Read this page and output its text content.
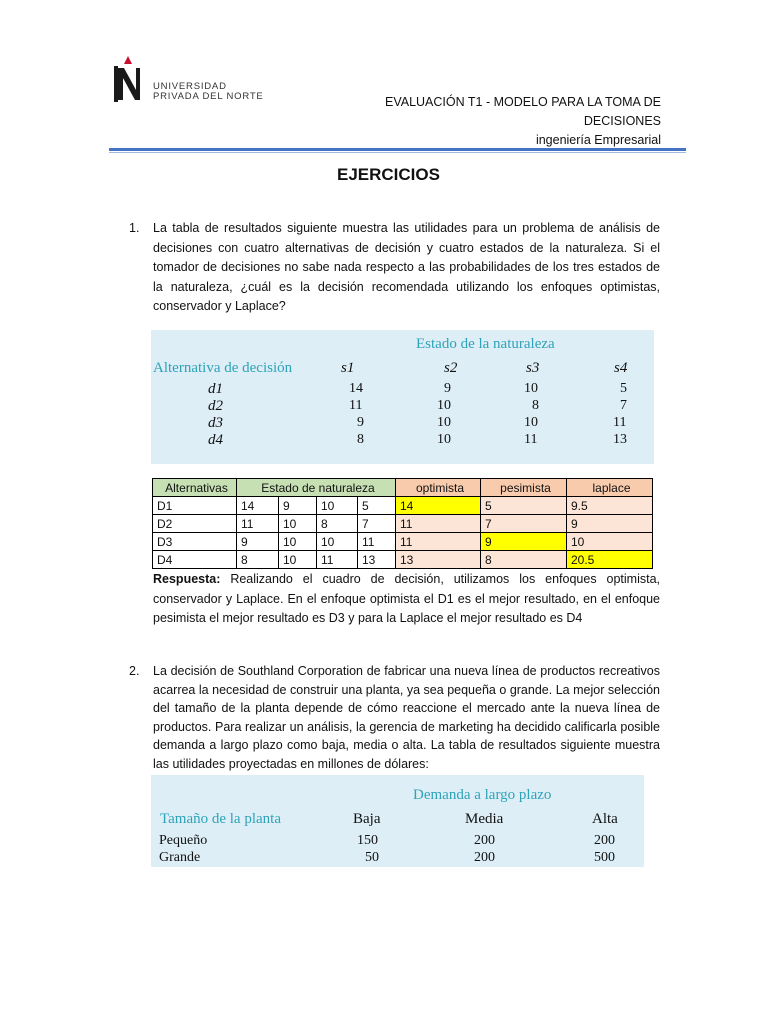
UNIVERSIDAD
PRIVADA DEL NORTE	EVALUACIÓN T1 - MODELO PARA LA TOMA DE
DECISIONES
ingeniería Empresarial
EJERCICIOS
1. La tabla de resultados siguiente muestra las utilidades para un problema de análisis de decisiones con cuatro alternativas de decisión y cuatro estados de la naturaleza. Si el tomador de decisiones no sabe nada respecto a las probabilidades de los tres estados de la naturaleza, ¿cuál es la decisión recomendada utilizando los enfoques optimistas, conservador y Laplace?
Estado de la naturaleza
Alternativa de decisión	s1	s2	s3	s4
d1	14	9	10	5
d2	11	10	8	7
d3	9	10	10	11
d4	8	10	11	13
Alternativas	Estado de naturaleza				optimista	pesimista	laplace
D1	14	9	10	5	14	5	9.5
D2	11	10	8	7	11	7	9
D3	9	10	10	11	11	9	10
D4	8	10	11	13	13	8	20.5
Respuesta: Realizando el cuadro de decisión, utilizamos los enfoques optimista, conservador y Laplace. En el enfoque optimista el D1 es el mejor resultado, en el enfoque pesimista el mejor resultado es D3 y para la Laplace el mejor resultado es D4
2. La decisión de Southland Corporation de fabricar una nueva línea de productos recreativos acarrea la necesidad de construir una planta, ya sea pequeña o grande. La mejor selección del tamaño de la planta depende de cómo reaccione el mercado ante la nueva línea de productos. Para realizar un análisis, la gerencia de marketing ha decidido calificarla posible demanda a largo plazo como baja, media o alta. La tabla de resultados siguiente muestra las utilidades proyectadas en millones de dólares:
Demanda a largo plazo
Tamaño de la planta	Baja	Media	Alta
Pequeño	150	200	200
Grande	50	200	500
